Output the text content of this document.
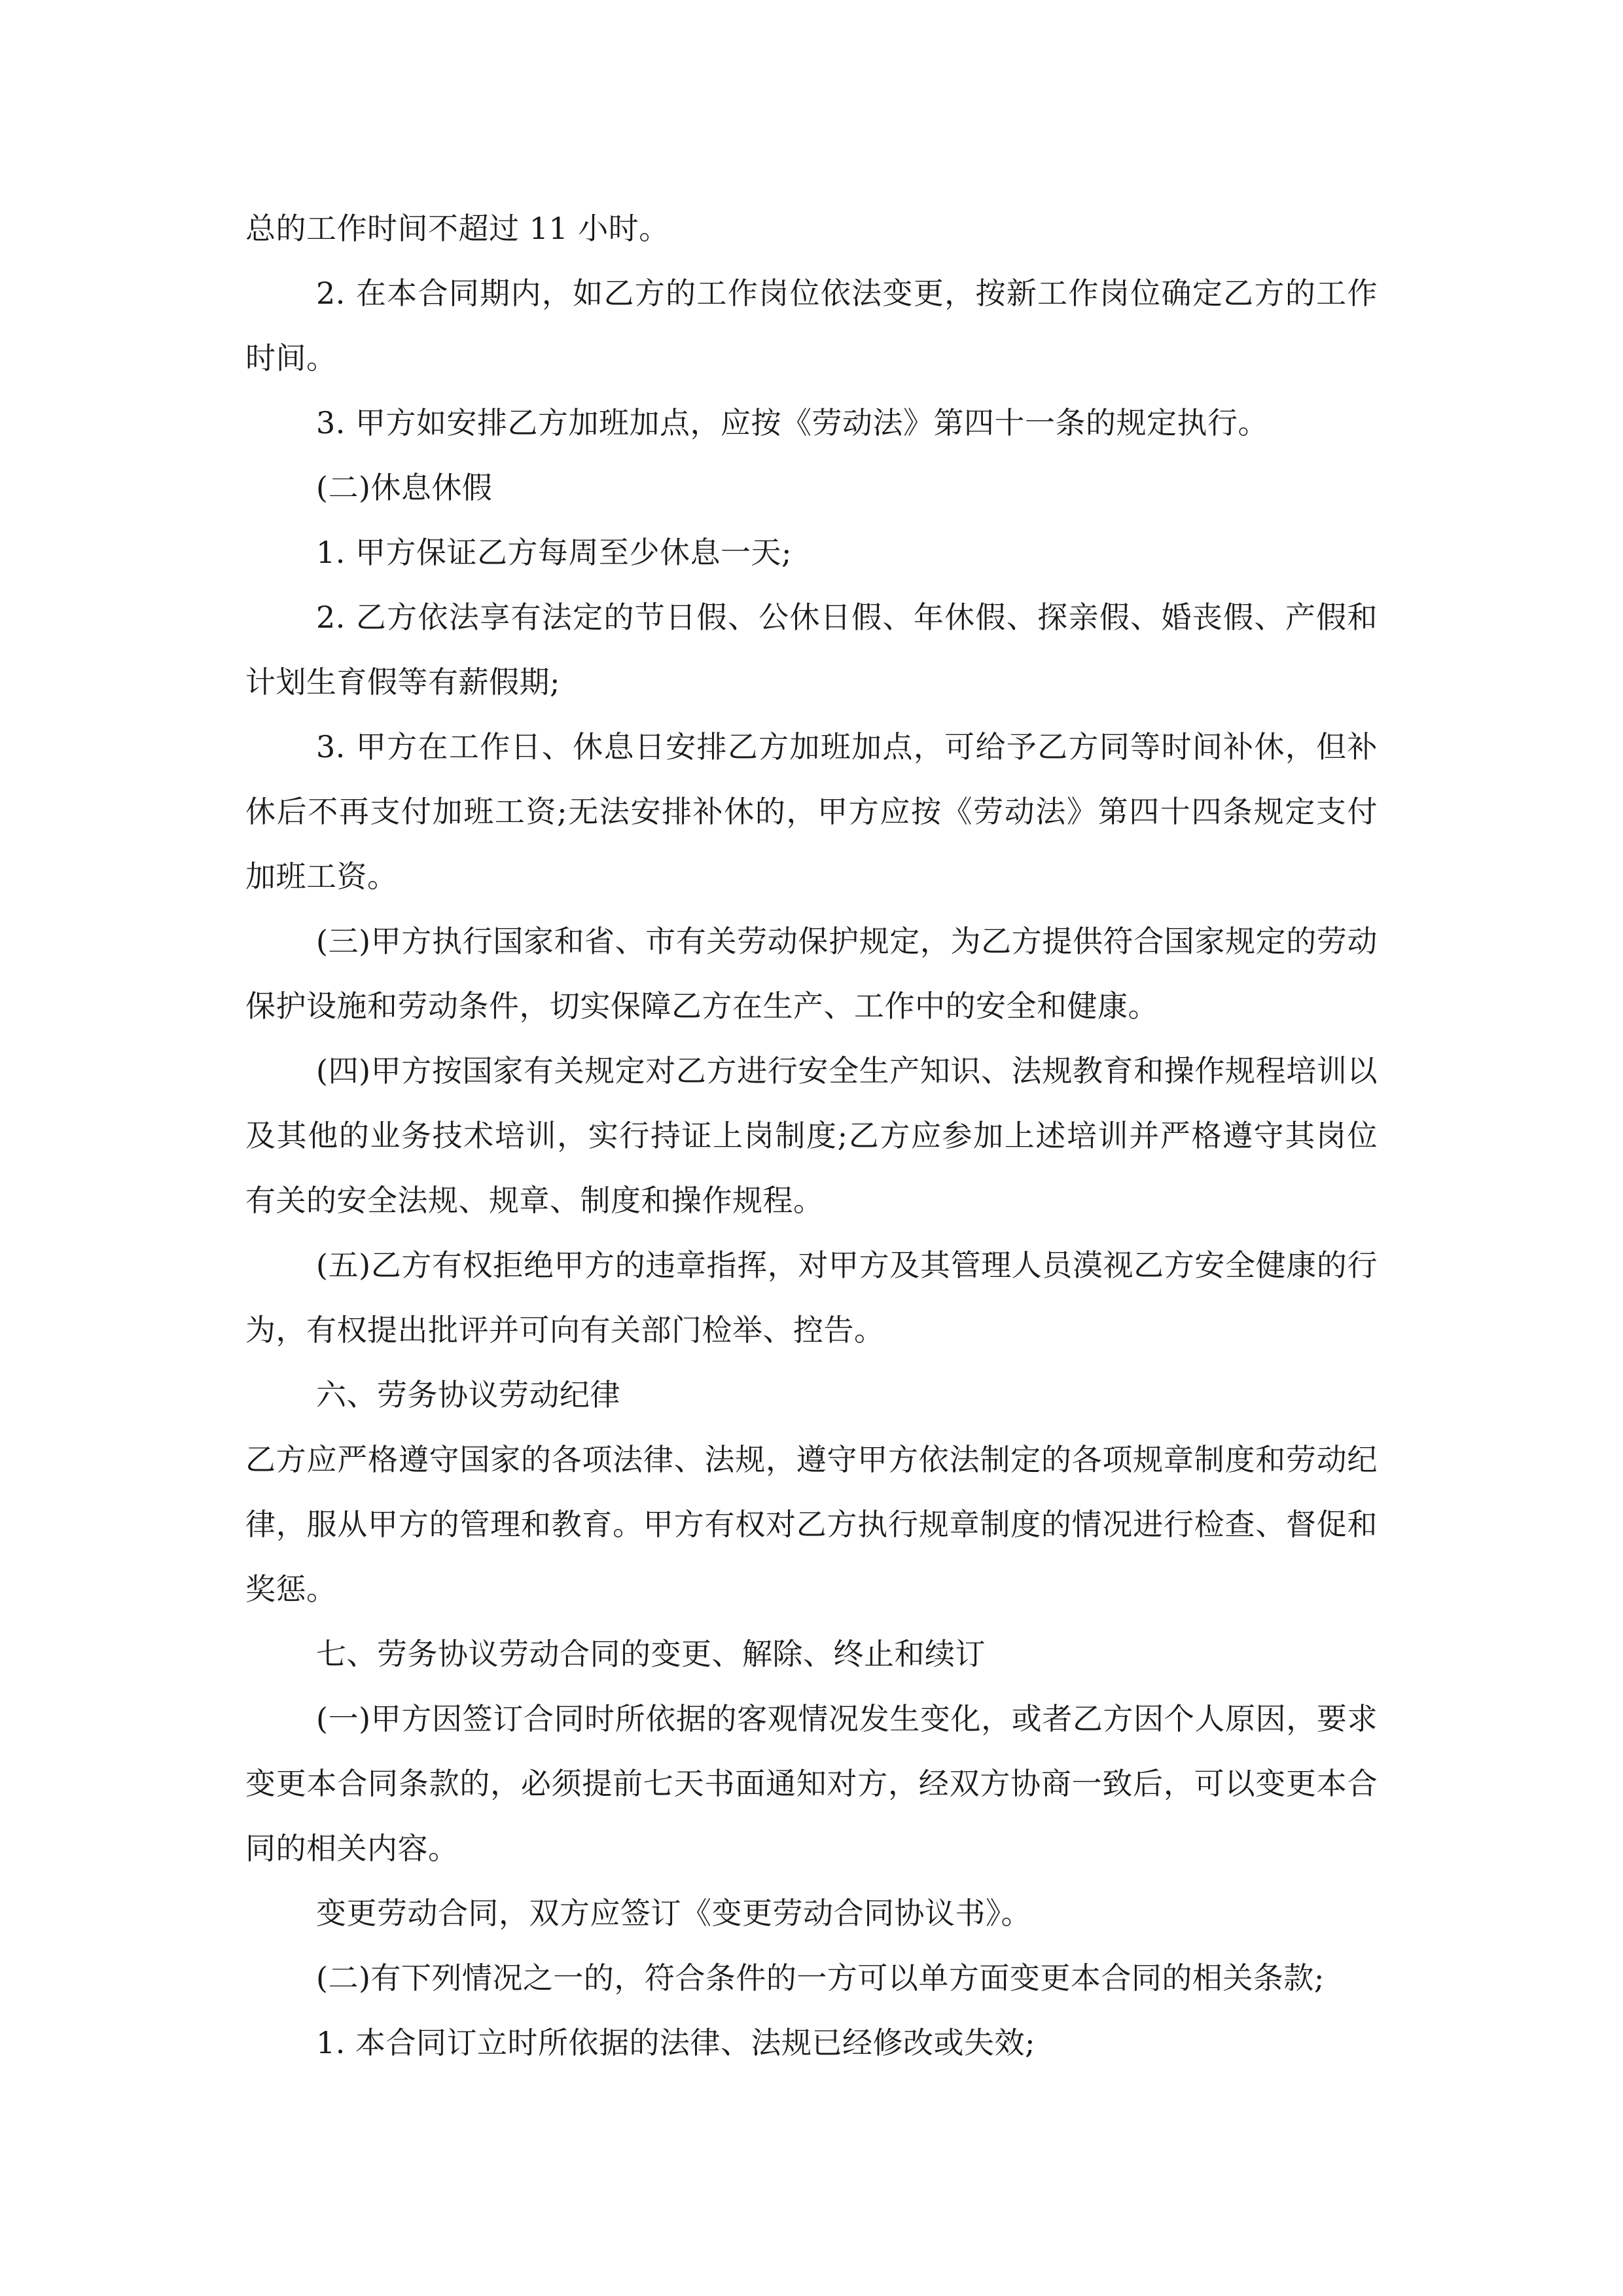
总的工作时间不超过 11 小时。

2. 在本合同期内，如乙方的工作岗位依法变更，按新工作岗位确定乙方的工作时间。

3. 甲方如安排乙方加班加点，应按《劳动法》第四十一条的规定执行。

(二)休息休假

1. 甲方保证乙方每周至少休息一天;

2. 乙方依法享有法定的节日假、公休日假、年休假、探亲假、婚丧假、产假和计划生育假等有薪假期;

3. 甲方在工作日、休息日安排乙方加班加点，可给予乙方同等时间补休，但补休后不再支付加班工资;无法安排补休的，甲方应按《劳动法》第四十四条规定支付加班工资。

(三)甲方执行国家和省、市有关劳动保护规定，为乙方提供符合国家规定的劳动保护设施和劳动条件，切实保障乙方在生产、工作中的安全和健康。

(四)甲方按国家有关规定对乙方进行安全生产知识、法规教育和操作规程培训以及其他的业务技术培训，实行持证上岗制度;乙方应参加上述培训并严格遵守其岗位有关的安全法规、规章、制度和操作规程。

(五)乙方有权拒绝甲方的违章指挥，对甲方及其管理人员漠视乙方安全健康的行为，有权提出批评并可向有关部门检举、控告。

六、劳务协议劳动纪律

乙方应严格遵守国家的各项法律、法规，遵守甲方依法制定的各项规章制度和劳动纪律，服从甲方的管理和教育。甲方有权对乙方执行规章制度的情况进行检查、督促和奖惩。

七、劳务协议劳动合同的变更、解除、终止和续订

(一)甲方因签订合同时所依据的客观情况发生变化，或者乙方因个人原因，要求变更本合同条款的，必须提前七天书面通知对方，经双方协商一致后，可以变更本合同的相关内容。

变更劳动合同，双方应签订《变更劳动合同协议书》。

(二)有下列情况之一的，符合条件的一方可以单方面变更本合同的相关条款;

1. 本合同订立时所依据的法律、法规已经修改或失效;
